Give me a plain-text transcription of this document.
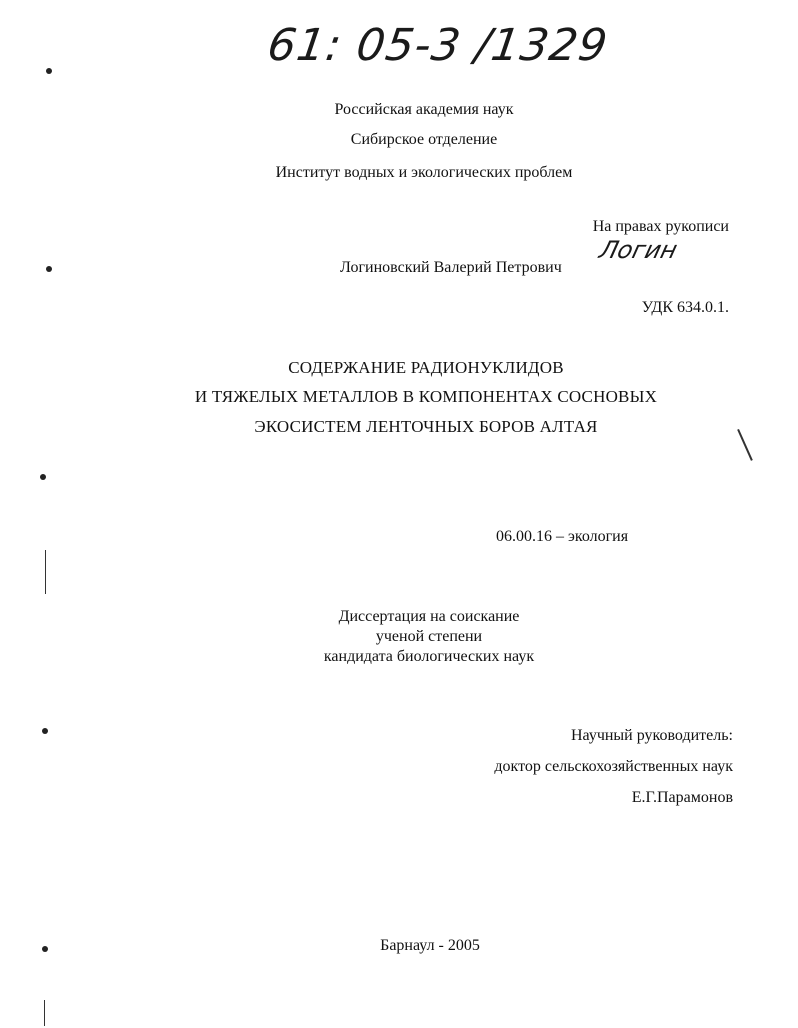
61: 05-3 /1329
Российская академия наук
Сибирское отделение
Институт водных и экологических проблем
На правах рукописи
Логин
Логиновский Валерий Петрович
УДК 634.0.1.
СОДЕРЖАНИЕ РАДИОНУКЛИДОВ
И ТЯЖЕЛЫХ МЕТАЛЛОВ В КОМПОНЕНТАХ СОСНОВЫХ
ЭКОСИСТЕМ ЛЕНТОЧНЫХ БОРОВ АЛТАЯ
06.00.16 – экология
Диссертация на соискание
ученой степени
кандидата биологических наук
Научный руководитель:
доктор сельскохозяйственных наук
Е.Г.Парамонов
Барнаул - 2005
